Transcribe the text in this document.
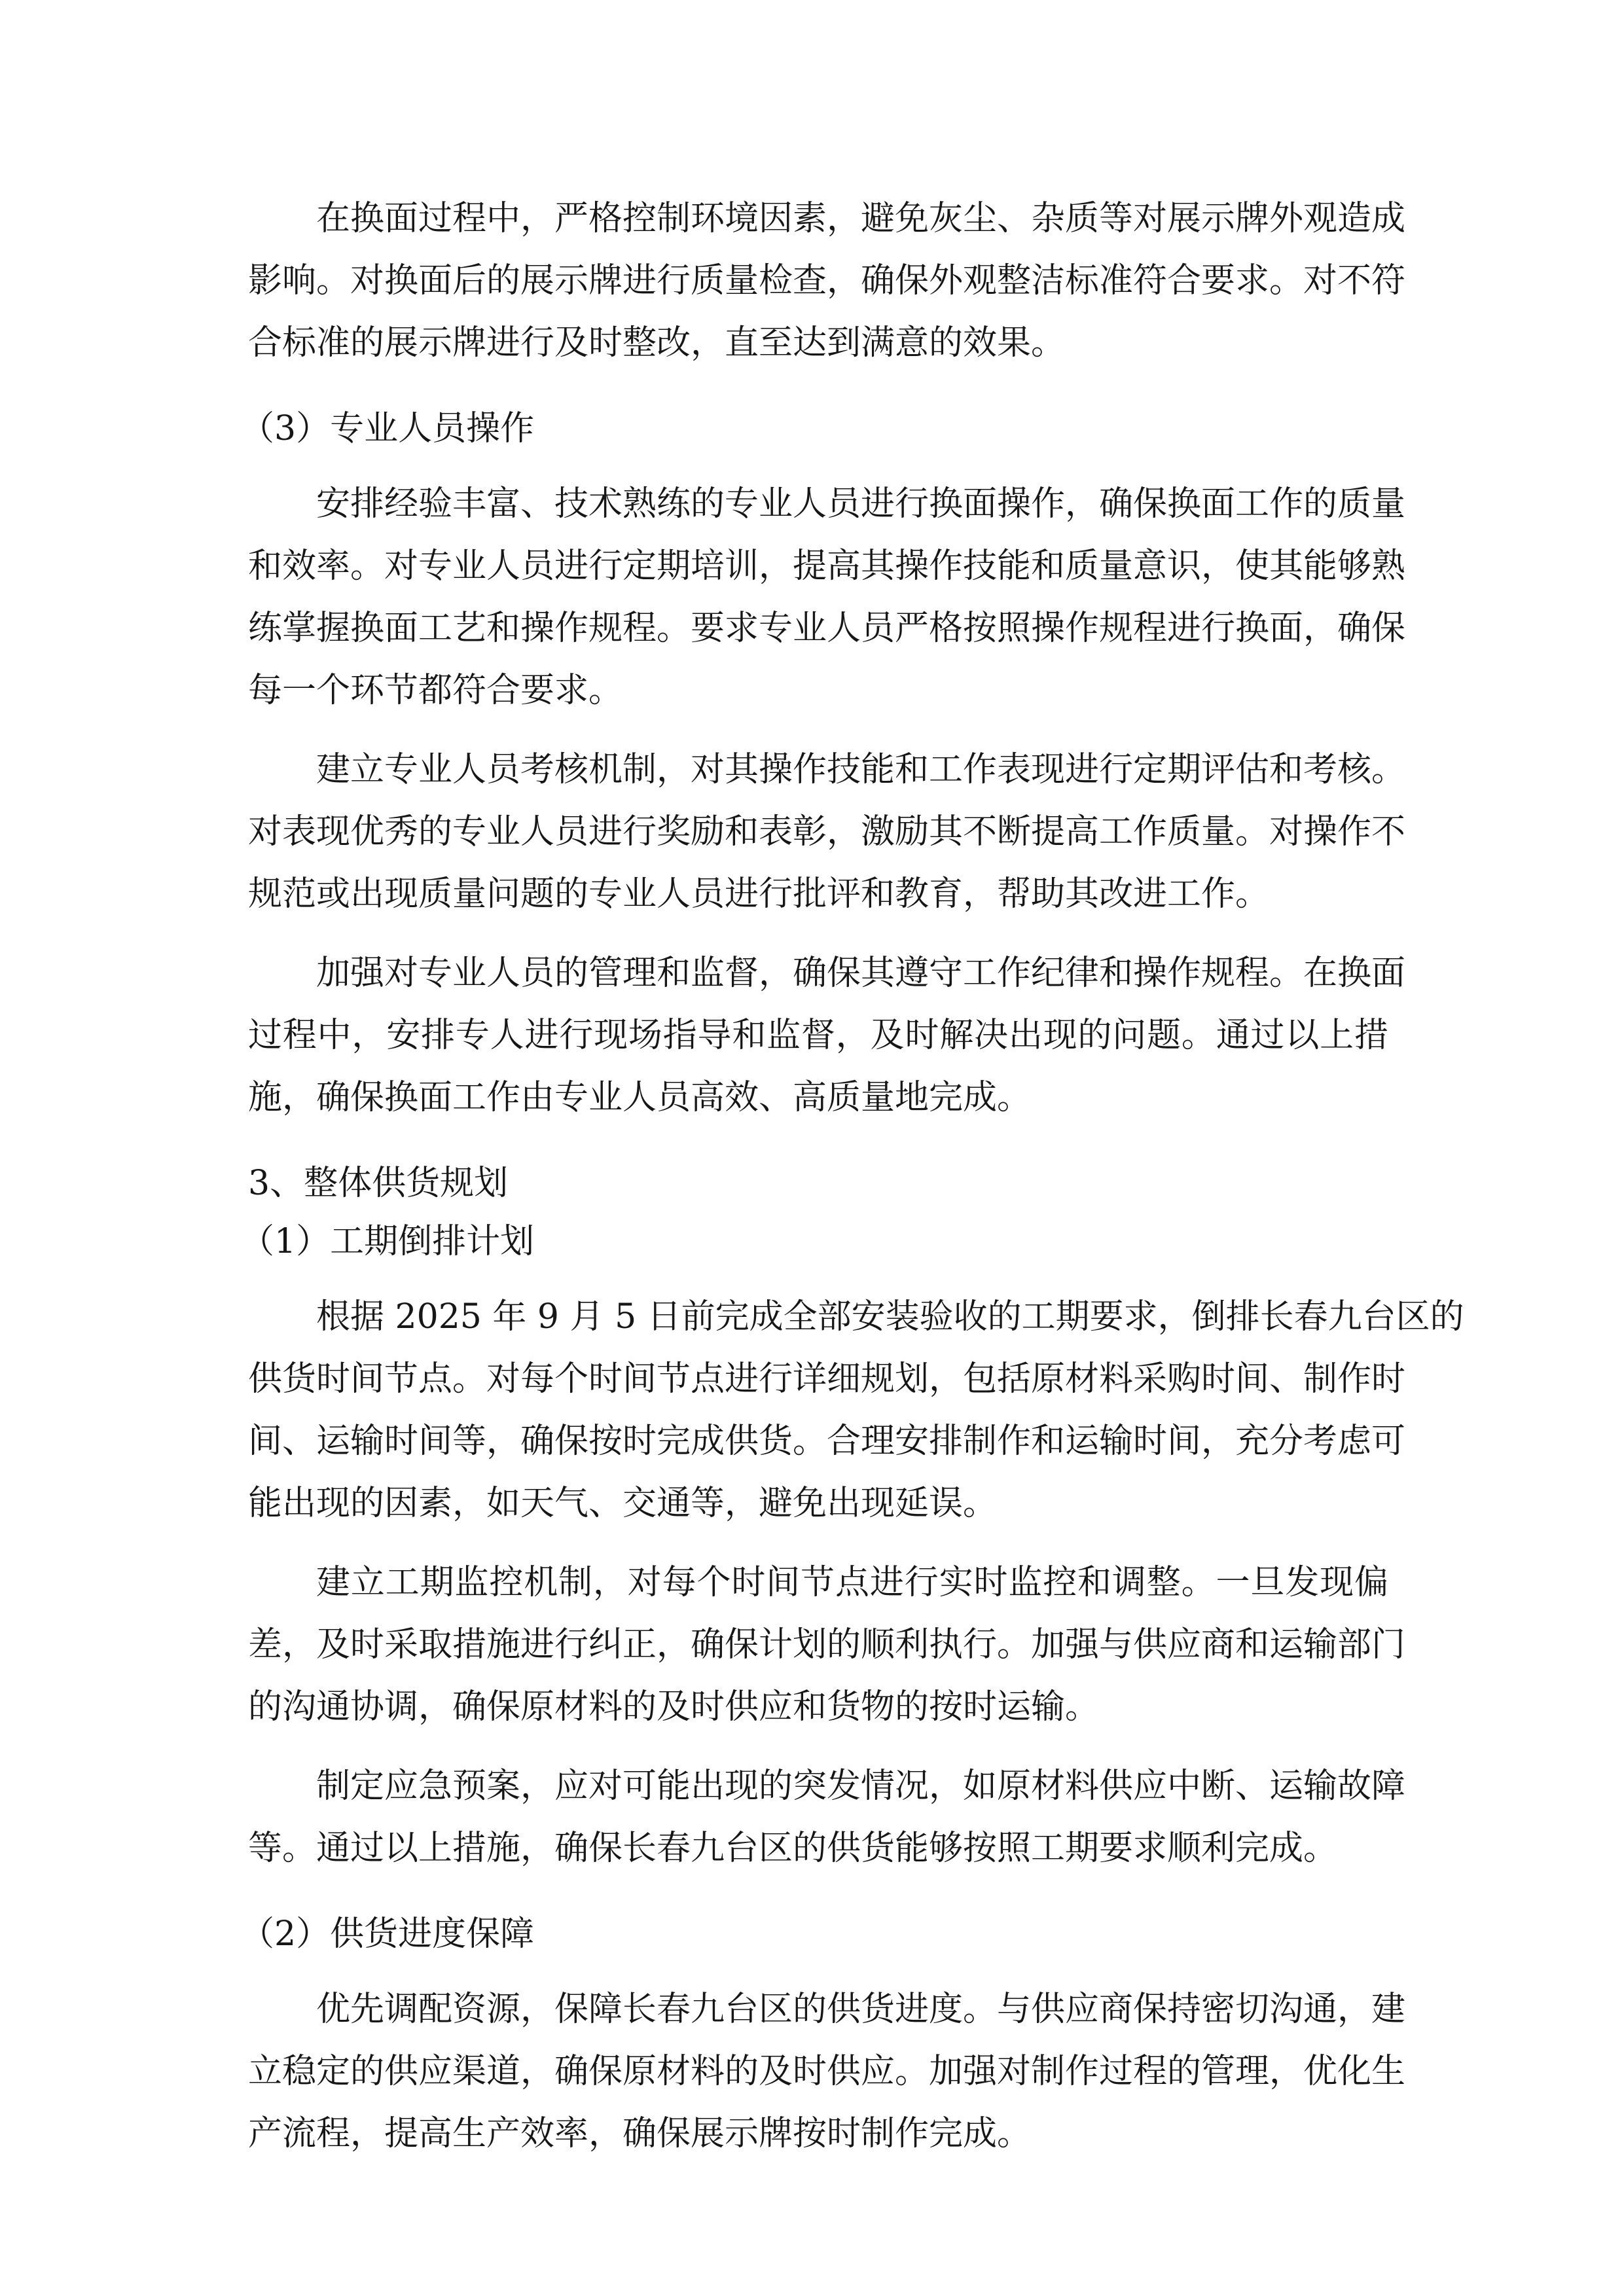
在换面过程中，严格控制环境因素，避免灰尘、杂质等对展示牌外观造成
影响。对换面后的展示牌进行质量检查，确保外观整洁标准符合要求。对不符
合标准的展示牌进行及时整改，直至达到满意的效果。
（3）专业人员操作
安排经验丰富、技术熟练的专业人员进行换面操作，确保换面工作的质量
和效率。对专业人员进行定期培训，提高其操作技能和质量意识，使其能够熟
练掌握换面工艺和操作规程。要求专业人员严格按照操作规程进行换面，确保
每一个环节都符合要求。
建立专业人员考核机制，对其操作技能和工作表现进行定期评估和考核。
对表现优秀的专业人员进行奖励和表彰，激励其不断提高工作质量。对操作不
规范或出现质量问题的专业人员进行批评和教育，帮助其改进工作。
加强对专业人员的管理和监督，确保其遵守工作纪律和操作规程。在换面
过程中，安排专人进行现场指导和监督，及时解决出现的问题。通过以上措
施，确保换面工作由专业人员高效、高质量地完成。
3、整体供货规划
（1）工期倒排计划
根据 2025 年 9 月 5 日前完成全部安装验收的工期要求，倒排长春九台区的
供货时间节点。对每个时间节点进行详细规划，包括原材料采购时间、制作时
间、运输时间等，确保按时完成供货。合理安排制作和运输时间，充分考虑可
能出现的因素，如天气、交通等，避免出现延误。
建立工期监控机制，对每个时间节点进行实时监控和调整。一旦发现偏
差，及时采取措施进行纠正，确保计划的顺利执行。加强与供应商和运输部门
的沟通协调，确保原材料的及时供应和货物的按时运输。
制定应急预案，应对可能出现的突发情况，如原材料供应中断、运输故障
等。通过以上措施，确保长春九台区的供货能够按照工期要求顺利完成。
（2）供货进度保障
优先调配资源，保障长春九台区的供货进度。与供应商保持密切沟通，建
立稳定的供应渠道，确保原材料的及时供应。加强对制作过程的管理，优化生
产流程，提高生产效率，确保展示牌按时制作完成。
